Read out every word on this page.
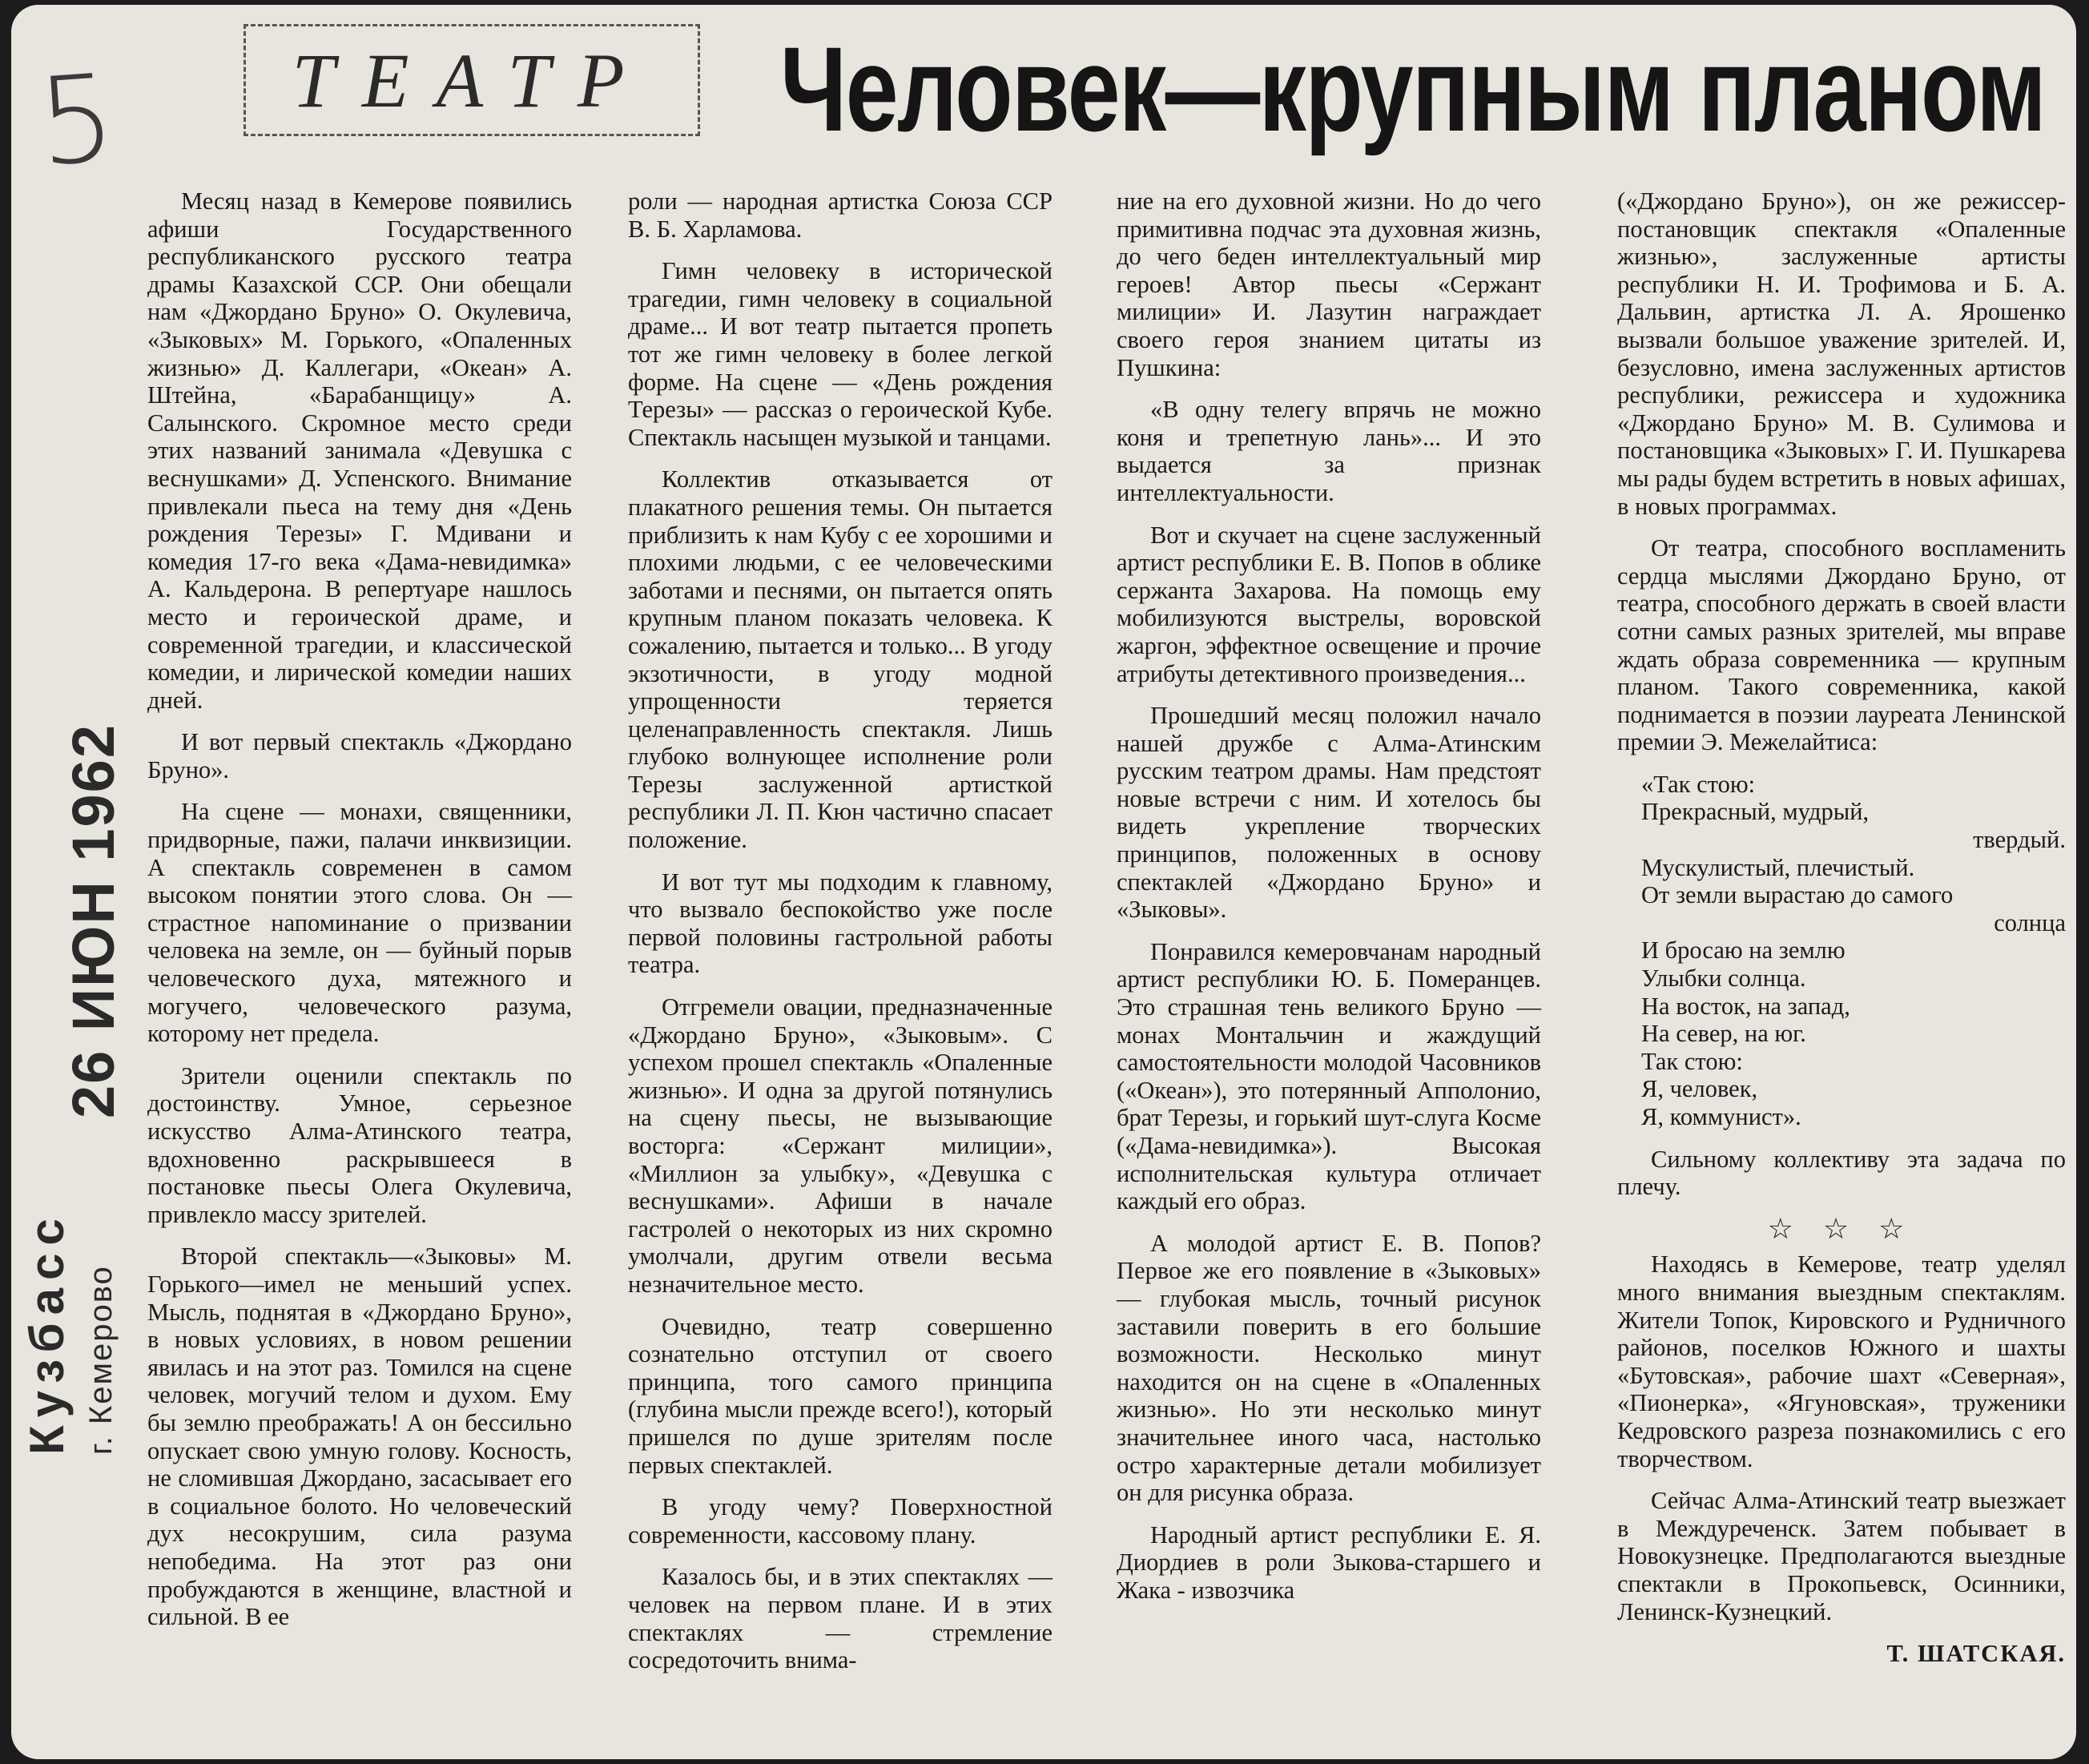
5 ТЕАТР Человек—крупным планом
26 ИЮН 1962
Кузбасс г. Кемерово

Месяц назад в Кемерове появились афиши Государственного республиканского русского театра драмы Казахской ССР. Они обещали нам «Джордано Бруно» О. Окулевича, «Зыковых» М. Горького, «Опаленных жизнью» Д. Каллегари, «Океан» А. Штейна, «Барабанщицу» А. Салынского. Скромное место среди этих названий занимала «Девушка с веснушками» Д. Успенского. Внимание привлекали пьеса на тему дня «День рождения Терезы» Г. Мдивани и комедия 17-го века «Дама-невидимка» А. Кальдерона. В репертуаре нашлось место и героической драме, и современной трагедии, и классической комедии, и лирической комедии наших дней.

И вот первый спектакль «Джордано Бруно».

На сцене — монахи, священники, придворные, пажи, палачи инквизиции. А спектакль современен в самом высоком понятии этого слова. Он — страстное напоминание о призвании человека на земле, он — буйный порыв человеческого духа, мятежного и могучего, человеческого разума, которому нет предела.

Зрители оценили спектакль по достоинству. Умное, серьезное искусство Алма-Атинского театра, вдохновенно раскрывшееся в постановке пьесы Олега Окулевича, привлекло массу зрителей.

Второй спектакль—«Зыковы» М. Горького—имел не меньший успех. Мысль, поднятая в «Джордано Бруно», в новых условиях, в новом решении явилась и на этот раз. Томился на сцене человек, могучий телом и духом. Ему бы землю преображать! А он бессильно опускает свою умную голову. Косность, не сломившая Джордано, засасывает его в социальное болото. Но человеческий дух несокрушим, сила разума непобедима. На этот раз они пробуждаются в женщине, властной и сильной. В ее

роли — народная артистка Союза ССР В. Б. Харламова.

Гимн человеку в исторической трагедии, гимн человеку в социальной драме... И вот театр пытается пропеть тот же гимн человеку в более легкой форме. На сцене — «День рождения Терезы» — рассказ о героической Кубе. Спектакль насыщен музыкой и танцами.

Коллектив отказывается от плакатного решения темы. Он пытается приблизить к нам Кубу с ее хорошими и плохими людьми, с ее человеческими заботами и песнями, он пытается опять крупным планом показать человека. К сожалению, пытается и только... В угоду экзотичности, в угоду модной упрощенности теряется целенаправленность спектакля. Лишь глубоко волнующее исполнение роли Терезы заслуженной артисткой республики Л. П. Кюн частично спасает положение.

И вот тут мы подходим к главному, что вызвало беспокойство уже после первой половины гастрольной работы театра.

Отгремели овации, предназначенные «Джордано Бруно», «Зыковым». С успехом прошел спектакль «Опаленные жизнью». И одна за другой потянулись на сцену пьесы, не вызывающие восторга: «Сержант милиции», «Миллион за улыбку», «Девушка с веснушками». Афиши в начале гастролей о некоторых из них скромно умолчали, другим отвели весьма незначительное место.

Очевидно, театр совершенно сознательно отступил от своего принципа, того самого принципа (глубина мысли прежде всего!), который пришелся по душе зрителям после первых спектаклей.

В угоду чему? Поверхностной современности, кассовому плану.

Казалось бы, и в этих спектаклях — человек на первом плане. И в этих спектаклях — стремление сосредоточить внима-

ние на его духовной жизни. Но до чего примитивна подчас эта духовная жизнь, до чего беден интеллектуальный мир героев! Автор пьесы «Сержант милиции» И. Лазутин награждает своего героя знанием цитаты из Пушкина:

«В одну телегу впрячь не можно коня и трепетную лань»... И это выдается за признак интеллектуальности.

Вот и скучает на сцене заслуженный артист республики Е. В. Попов в облике сержанта Захарова. На помощь ему мобилизуются выстрелы, воровской жаргон, эффектное освещение и прочие атрибуты детективного произведения...

Прошедший месяц положил начало нашей дружбе с Алма-Атинским русским театром драмы. Нам предстоят новые встречи с ним. И хотелось бы видеть укрепление творческих принципов, положенных в основу спектаклей «Джордано Бруно» и «Зыковы».

Понравился кемеровчанам народный артист республики Ю. Б. Померанцев. Это страшная тень великого Бруно — монах Монтальчин и жаждущий самостоятельности молодой Часовников («Океан»), это потерянный Апполонио, брат Терезы, и горький шут-слуга Косме («Дама-невидимка»). Высокая исполнительская культура отличает каждый его образ.

А молодой артист Е. В. Попов? Первое же его появление в «Зыковых» — глубокая мысль, точный рисунок заставили поверить в его большие возможности. Несколько минут находится он на сцене в «Опаленных жизнью». Но эти несколько минут значительнее иного часа, настолько остро характерные детали мобилизует он для рисунка образа.

Народный артист республики Е. Я. Диордиев в роли Зыкова-старшего и Жака - извозчика

(«Джордано Бруно»), он же режиссер-постановщик спектакля «Опаленные жизнью», заслуженные артисты республики Н. И. Трофимова и Б. А. Дальвин, артистка Л. А. Ярошенко вызвали большое уважение зрителей. И, безусловно, имена заслуженных артистов республики, режиссера и художника «Джордано Бруно» М. В. Сулимова и постановщика «Зыковых» Г. И. Пушкарева мы рады будем встретить в новых афишах, в новых программах.

От театра, способного воспламенить сердца мыслями Джордано Бруно, от театра, способного держать в своей власти сотни самых разных зрителей, мы вправе ждать образа современника — крупным планом. Такого современника, какой поднимается в поэзии лауреата Ленинской премии Э. Межелайтиса:

«Так стою:
Прекрасный, мудрый,
твердый.
Мускулистый, плечистый.
От земли вырастаю до самого
солнца
И бросаю на землю
Улыбки солнца.
На восток, на запад,
На север, на юг.
Так стою:
Я, человек,
Я, коммунист».

Сильному коллективу эта задача по плечу.

☆ ☆ ☆

Находясь в Кемерове, театр уделял много внимания выездным спектаклям. Жители Топок, Кировского и Рудничного районов, поселков Южного и шахты «Бутовская», рабочие шахт «Северная», «Пионерка», «Ягуновская», труженики Кедровского разреза познакомились с его творчеством.

Сейчас Алма-Атинский театр выезжает в Междуреченск. Затем побывает в Новокузнецке. Предполагаются выездные спектакли в Прокопьевск, Осинники, Ленинск-Кузнецкий.

Т. ШАТСКАЯ.
